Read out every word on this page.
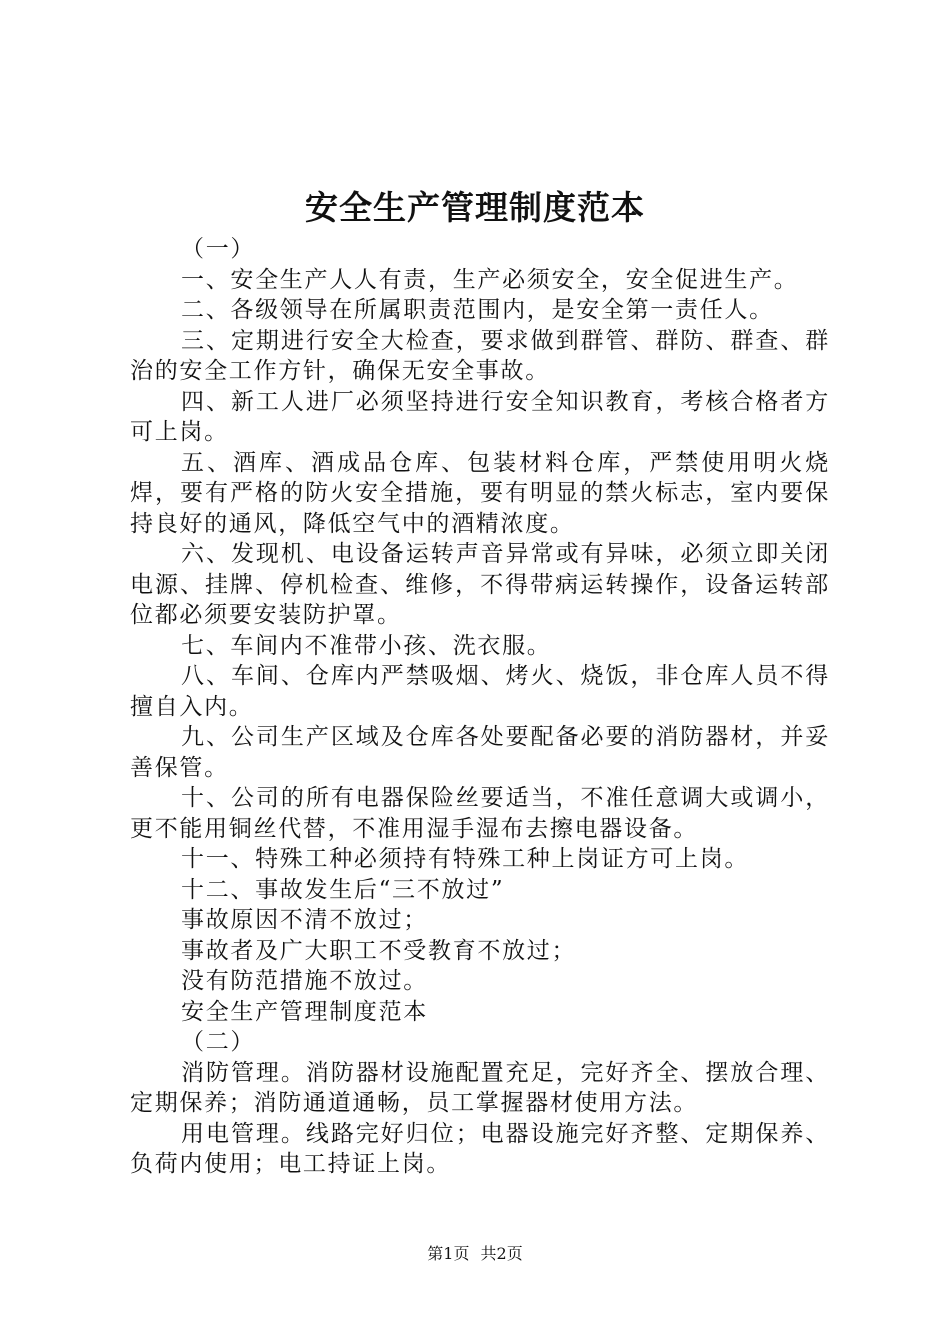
安全生产管理制度范本

（一）

一、安全生产人人有责，生产必须安全，安全促进生产。

二、各级领导在所属职责范围内，是安全第一责任人。

三、定期进行安全大检查，要求做到群管、群防、群查、群治的安全工作方针，确保无安全事故。

四、新工人进厂必须坚持进行安全知识教育，考核合格者方可上岗。

五、酒库、酒成品仓库、包装材料仓库，严禁使用明火烧焊，要有严格的防火安全措施，要有明显的禁火标志，室内要保持良好的通风，降低空气中的酒精浓度。

六、发现机、电设备运转声音异常或有异味，必须立即关闭电源、挂牌、停机检查、维修，不得带病运转操作，设备运转部位都必须要安装防护罩。

七、车间内不准带小孩、洗衣服。

八、车间、仓库内严禁吸烟、烤火、烧饭，非仓库人员不得擅自入内。

九、公司生产区域及仓库各处要配备必要的消防器材，并妥善保管。

十、公司的所有电器保险丝要适当，不准任意调大或调小，更不能用铜丝代替，不准用湿手湿布去擦电器设备。

十一、特殊工种必须持有特殊工种上岗证方可上岗。

十二、事故发生后“三不放过”

事故原因不清不放过；

事故者及广大职工不受教育不放过；

没有防范措施不放过。

安全生产管理制度范本

（二）

消防管理。消防器材设施配置充足，完好齐全、摆放合理、定期保养；消防通道通畅，员工掌握器材使用方法。

用电管理。线路完好归位；电器设施完好齐整、定期保养、负荷内使用；电工持证上岗。

第1页 共2页
